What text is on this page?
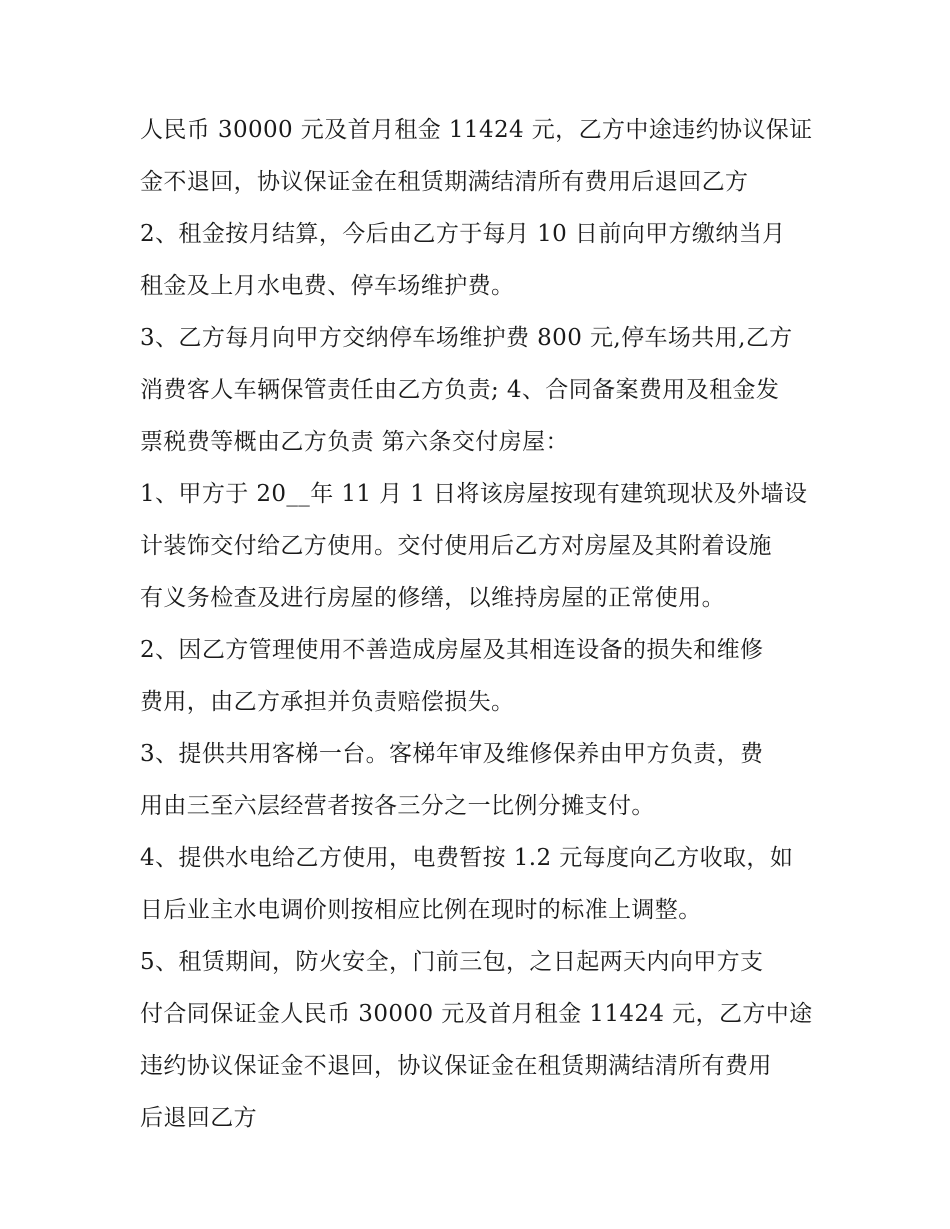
人民币 30000 元及首月租金 11424 元，乙方中途违约协议保证
金不退回，协议保证金在租赁期满结清所有费用后退回乙方
2、租金按月结算，今后由乙方于每月 10 日前向甲方缴纳当月
租金及上月水电费、停车场维护费。
3、乙方每月向甲方交纳停车场维护费 800 元,停车场共用,乙方
消费客人车辆保管责任由乙方负责; 4、合同备案费用及租金发
票税费等概由乙方负责 第六条交付房屋：
1、甲方于 20__年 11 月 1 日将该房屋按现有建筑现状及外墙设
计装饰交付给乙方使用。交付使用后乙方对房屋及其附着设施
有义务检查及进行房屋的修缮，以维持房屋的正常使用。
2、因乙方管理使用不善造成房屋及其相连设备的损失和维修
费用，由乙方承担并负责赔偿损失。
3、提供共用客梯一台。客梯年审及维修保养由甲方负责，费
用由三至六层经营者按各三分之一比例分摊支付。
4、提供水电给乙方使用，电费暂按 1.2 元每度向乙方收取，如
日后业主水电调价则按相应比例在现时的标准上调整。
5、租赁期间，防火安全，门前三包，之日起两天内向甲方支
付合同保证金人民币 30000 元及首月租金 11424 元，乙方中途
违约协议保证金不退回，协议保证金在租赁期满结清所有费用
后退回乙方
